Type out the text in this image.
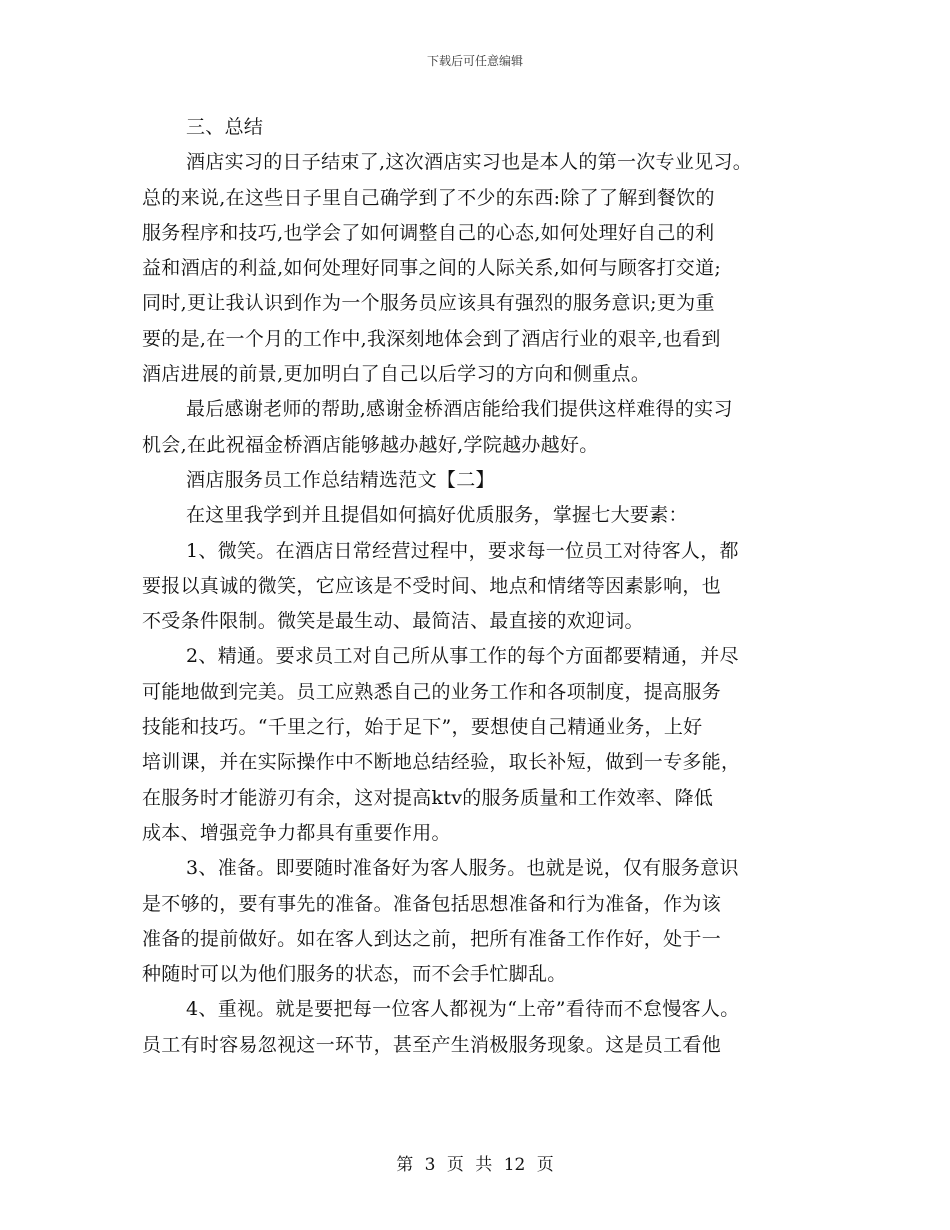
下载后可任意编辑
三、总结
酒店实习的日子结束了,这次酒店实习也是本人的第一次专业见习。
总的来说,在这些日子里自己确学到了不少的东西:除了了解到餐饮的
服务程序和技巧,也学会了如何调整自己的心态,如何处理好自己的利
益和酒店的利益,如何处理好同事之间的人际关系,如何与顾客打交道;
同时,更让我认识到作为一个服务员应该具有强烈的服务意识;更为重
要的是,在一个月的工作中,我深刻地体会到了酒店行业的艰辛,也看到
酒店进展的前景,更加明白了自己以后学习的方向和侧重点。
最后感谢老师的帮助,感谢金桥酒店能给我们提供这样难得的实习
机会,在此祝福金桥酒店能够越办越好,学院越办越好。
酒店服务员工作总结精选范文【二】
在这里我学到并且提倡如何搞好优质服务，掌握七大要素：
1、微笑。在酒店日常经营过程中，要求每一位员工对待客人，都
要报以真诚的微笑，它应该是不受时间、地点和情绪等因素影响，也
不受条件限制。微笑是最生动、最简洁、最直接的欢迎词。
2、精通。要求员工对自己所从事工作的每个方面都要精通，并尽
可能地做到完美。员工应熟悉自己的业务工作和各项制度，提高服务
技能和技巧。“千里之行，始于足下”，要想使自己精通业务，上好
培训课，并在实际操作中不断地总结经验，取长补短，做到一专多能，
在服务时才能游刃有余，这对提高ktv的服务质量和工作效率、降低
成本、增强竞争力都具有重要作用。
3、准备。即要随时准备好为客人服务。也就是说，仅有服务意识
是不够的，要有事先的准备。准备包括思想准备和行为准备，作为该
准备的提前做好。如在客人到达之前，把所有准备工作作好，处于一
种随时可以为他们服务的状态，而不会手忙脚乱。
4、重视。就是要把每一位客人都视为“上帝”看待而不怠慢客人。
员工有时容易忽视这一环节，甚至产生消极服务现象。这是员工看他
第 3 页 共 12 页
